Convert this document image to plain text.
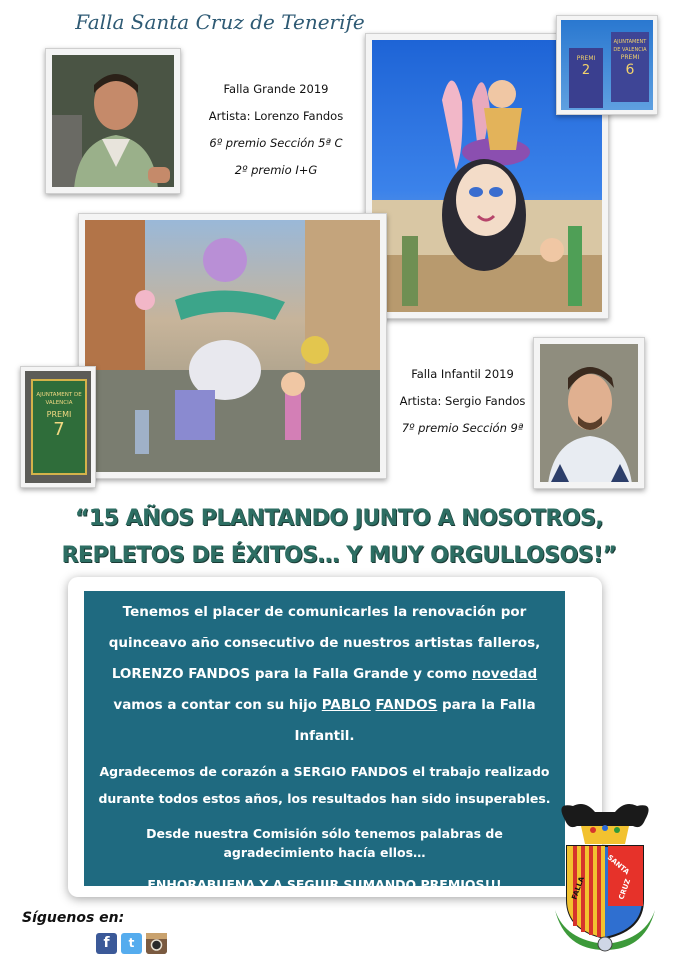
Falla Santa Cruz de Tenerife
Falla Grande 2019
Artista: Lorenzo Fandos
6º premio Sección 5ª C
2º premio I+G
PREMI
2
AJUNTAMENT DE VALENCIA
PREMI
6
AJUNTAMENT DE VALENCIA
PREMI
7
Falla Infantil 2019
Artista: Sergio Fandos
7º premio Sección 9ª
“15 AÑOS PLANTANDO JUNTO A NOSOTROS,
REPLETOS DE ÉXITOS… Y MUY ORGULLOSOS!”

Tenemos el placer de comunicarles la renovación por quinceavo año consecutivo de nuestros artistas falleros, LORENZO FANDOS para la Falla Grande y como novedad vamos a contar con su hijo PABLO FANDOS para la Falla Infantil.

Agradecemos de corazón a SERGIO FANDOS el trabajo realizado durante todos estos años, los resultados han sido insuperables.

Desde nuestra Comisión sólo tenemos palabras de agradecimiento hacía ellos…

ENHORABUENA Y A SEGUIR SUMANDO PREMIOS!!!	FALLA
SANTA
CRUZ
Síguenos en:
f	t
